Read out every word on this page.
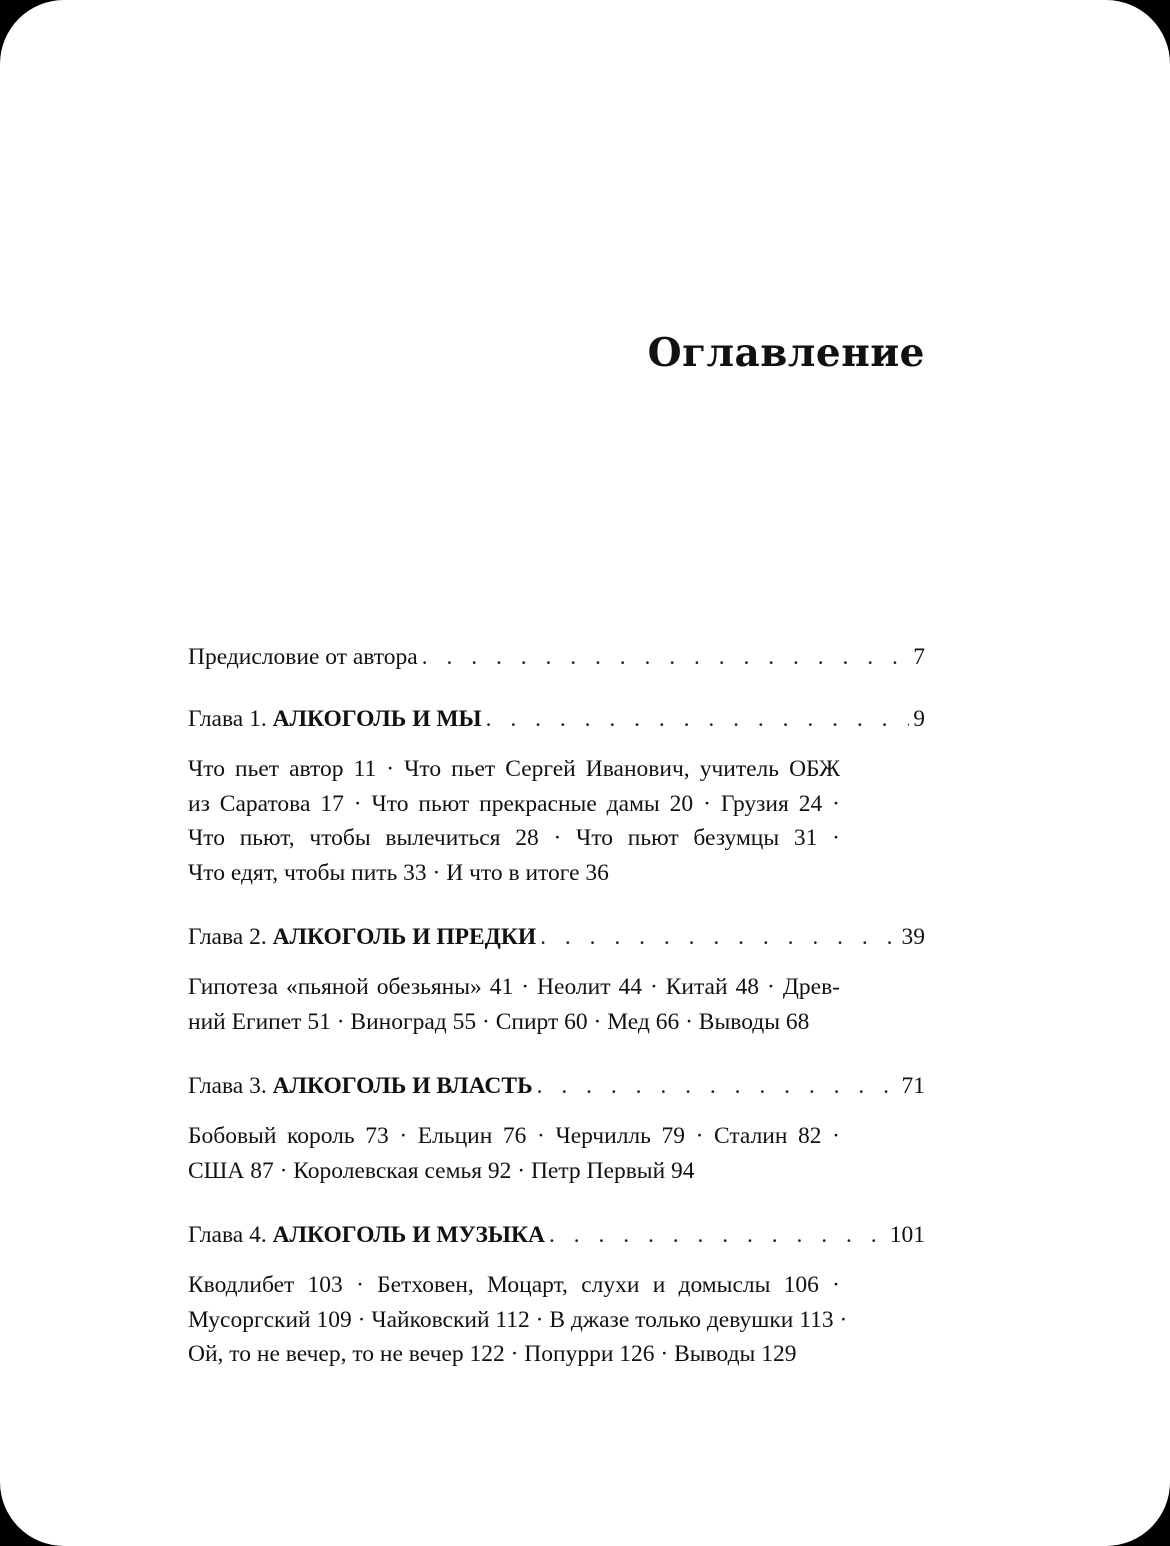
Оглавление
Предисловие от автора . . .	7
Глава 1. АЛКОГОЛЬ И МЫ . . .	9
Что пьет автор 11 · Что пьет Сергей Иванович, учитель ОБЖ
из Саратова 17 · Что пьют прекрасные дамы 20 · Грузия 24 ·
Что пьют, чтобы вылечиться 28 · Что пьют безумцы 31 ·
Что едят, чтобы пить 33 · И что в итоге 36
Глава 2. АЛКОГОЛЬ И ПРЕДКИ . . .	39
Гипотеза «пьяной обезьяны» 41 · Неолит 44 · Китай 48 · Древ-
ний Египет 51 · Виноград 55 · Спирт 60 · Мед 66 · Выводы 68
Глава 3. АЛКОГОЛЬ И ВЛАСТЬ . . .	71
Бобовый король 73 · Ельцин 76 · Черчилль 79 · Сталин 82 ·
США 87 · Королевская семья 92 · Петр Первый 94
Глава 4. АЛКОГОЛЬ И МУЗЫКА . . .	101
Кводлибет 103 · Бетховен, Моцарт, слухи и домыслы 106 ·
Мусоргский 109 · Чайковский 112 · В джазе только девушки 113 ·
Ой, то не вечер, то не вечер 122 · Попурри 126 · Выводы 129
